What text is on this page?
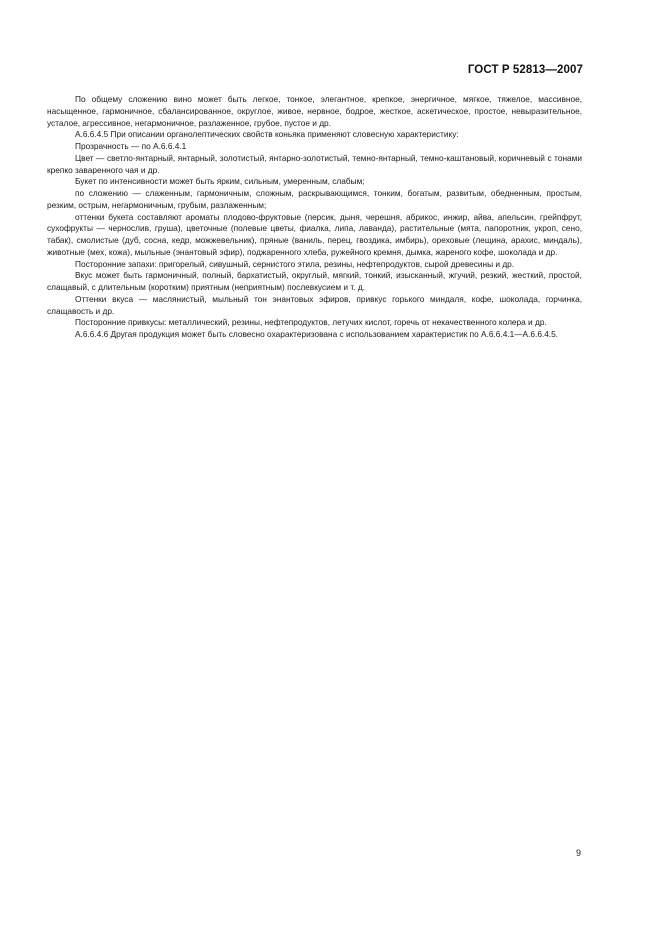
ГОСТ Р 52813—2007

По общему сложению вино может быть легкое, тонкое, элегантное, крепкое, энергичное, мягкое, тяжелое, массивное, насыщенное, гармоничное, сбалансированное, округлое, живое, нервное, бодрое, жесткое, аскетическое, простое, невыразительное, усталое, агрессивное, негармоничное, разлаженное, грубое, пустое и др.

А.6.6.4.5 При описании органолептических свойств коньяка применяют словесную характеристику:

Прозрачность — по А.6.6.4.1

Цвет — светло-янтарный, янтарный, золотистый, янтарно-золотистый, темно-янтарный, темно-каштановый, коричневый с тонами крепко заваренного чая и др.

Букет по интенсивности может быть ярким, сильным, умеренным, слабым;

по сложению — слаженным, гармоничным, сложным, раскрывающимся, тонким, богатым, развитым, обедненным, простым, резким, острым, негармоничным, грубым, разлаженным;

оттенки букета составляют ароматы плодово-фруктовые (персик, дыня, черешня, абрикос, инжир, айва, апельсин, грейпфрут, сухофрукты — чернослив, груша), цветочные (полевые цветы, фиалка, липа, лаванда), растительные (мята, папоротник, укроп, сено, табак), смолистые (дуб, сосна, кедр, можжевельник), пряные (ваниль, перец, гвоздика, имбирь), ореховые (лещина, арахис, миндаль), животные (мех, кожа), мыльные (энантовый эфир), поджаренного хлеба, ружейного кремня, дымка, жареного кофе, шоколада и др.

Посторонние запахи: пригорелый, сивушный, сернистого этила, резины, нефтепродуктов, сырой древесины и др.

Вкус может быть гармоничный, полный, бархатистый, округлый, мягкий, тонкий, изысканный, жгучий, резкий, жесткий, простой, слащавый, с длительным (коротким) приятным (неприятным) послевкусием и т. д.

Оттенки вкуса — маслянистый, мыльный тон энантовых эфиров, привкус горького миндаля, кофе, шоколада, горчинка, слащавость и др.

Посторонние привкусы: металлический, резины, нефтепродуктов, летучих кислот, горечь от некачественного колера и др.

А.6.6.4.6 Другая продукция может быть словесно охарактеризована с использованием характеристик по А.6.6.4.1—А.6.6.4.5.

9
